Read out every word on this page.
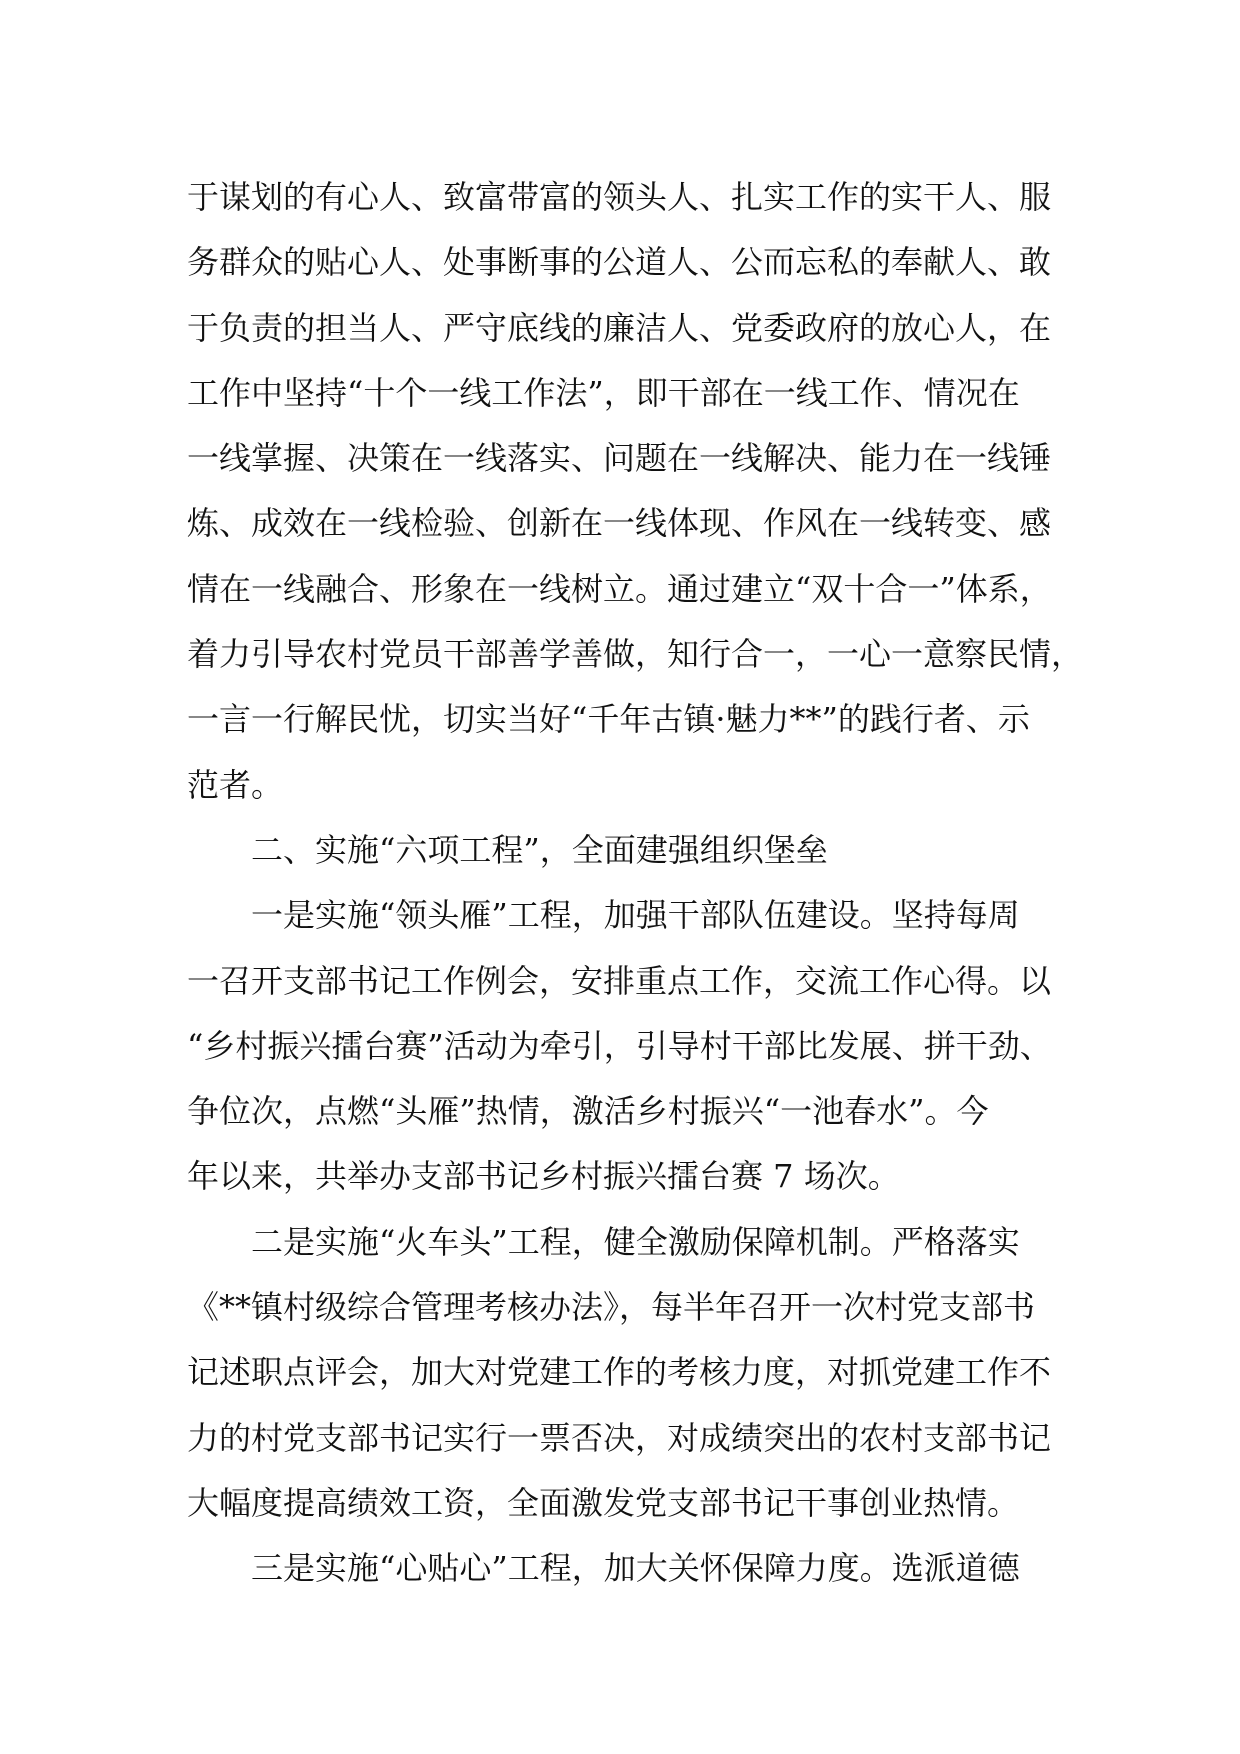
于谋划的有心人、致富带富的领头人、扎实工作的实干人、服
务群众的贴心人、处事断事的公道人、公而忘私的奉献人、敢
于负责的担当人、严守底线的廉洁人、党委政府的放心人，在
工作中坚持“十个一线工作法”，即干部在一线工作、情况在
一线掌握、决策在一线落实、问题在一线解决、能力在一线锤
炼、成效在一线检验、创新在一线体现、作风在一线转变、感
情在一线融合、形象在一线树立。通过建立“双十合一”体系，
着力引导农村党员干部善学善做，知行合一，一心一意察民情，
一言一行解民忧，切实当好“千年古镇·魅力**”的践行者、示
范者。
　　二、实施“六项工程”，全面建强组织堡垒
　　一是实施“领头雁”工程，加强干部队伍建设。坚持每周
一召开支部书记工作例会，安排重点工作，交流工作心得。以
“乡村振兴擂台赛”活动为牵引，引导村干部比发展、拼干劲、
争位次，点燃“头雁”热情，激活乡村振兴“一池春水”。今
年以来，共举办支部书记乡村振兴擂台赛 7 场次。
　　二是实施“火车头”工程，健全激励保障机制。严格落实
《**镇村级综合管理考核办法》，每半年召开一次村党支部书
记述职点评会，加大对党建工作的考核力度，对抓党建工作不
力的村党支部书记实行一票否决，对成绩突出的农村支部书记
大幅度提高绩效工资，全面激发党支部书记干事创业热情。
　　三是实施“心贴心”工程，加大关怀保障力度。选派道德
